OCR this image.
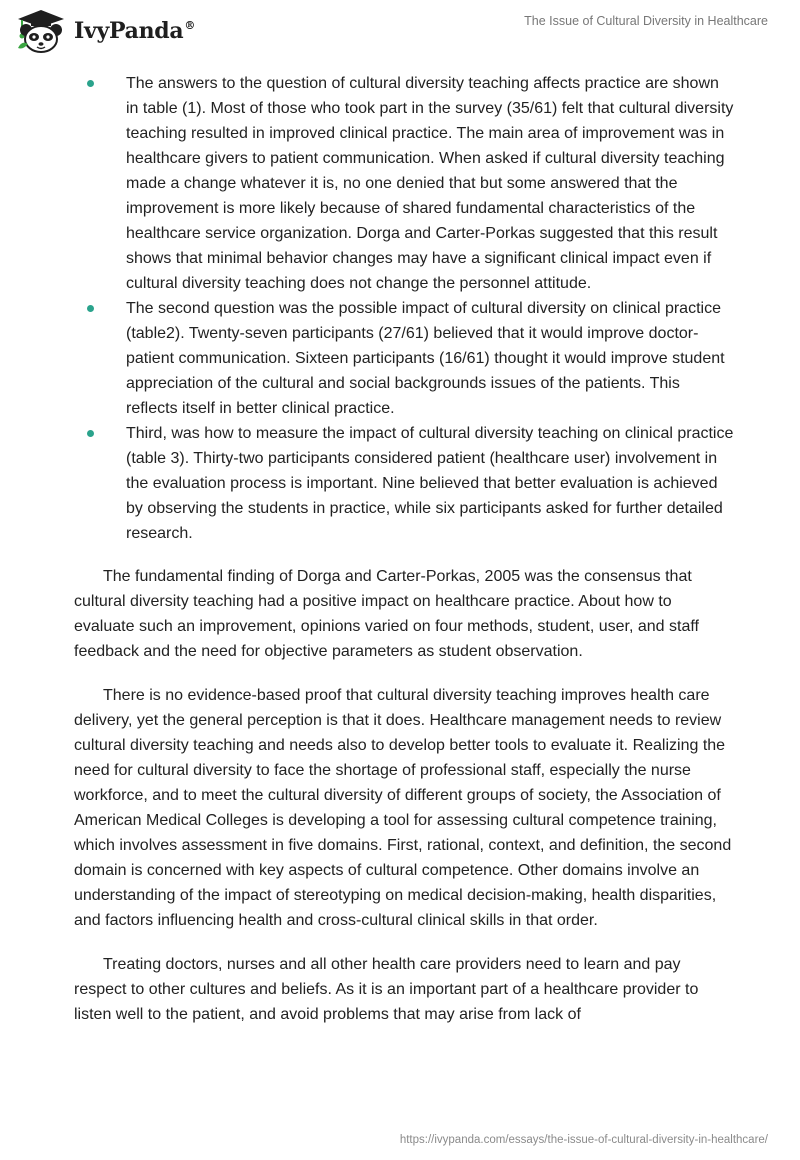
IvyPanda®	The Issue of Cultural Diversity in Healthcare
The answers to the question of cultural diversity teaching affects practice are shown in table (1). Most of those who took part in the survey (35/61) felt that cultural diversity teaching resulted in improved clinical practice. The main area of improvement was in healthcare givers to patient communication. When asked if cultural diversity teaching made a change whatever it is, no one denied that but some answered that the improvement is more likely because of shared fundamental characteristics of the healthcare service organization. Dorga and Carter-Porkas suggested that this result shows that minimal behavior changes may have a significant clinical impact even if cultural diversity teaching does not change the personnel attitude.
The second question was the possible impact of cultural diversity on clinical practice (table2). Twenty-seven participants (27/61) believed that it would improve doctor-patient communication. Sixteen participants (16/61) thought it would improve student appreciation of the cultural and social backgrounds issues of the patients. This reflects itself in better clinical practice.
Third, was how to measure the impact of cultural diversity teaching on clinical practice (table 3). Thirty-two participants considered patient (healthcare user) involvement in the evaluation process is important. Nine believed that better evaluation is achieved by observing the students in practice, while six participants asked for further detailed research.

The fundamental finding of Dorga and Carter-Porkas, 2005 was the consensus that cultural diversity teaching had a positive impact on healthcare practice. About how to evaluate such an improvement, opinions varied on four methods, student, user, and staff feedback and the need for objective parameters as student observation.

There is no evidence-based proof that cultural diversity teaching improves health care delivery, yet the general perception is that it does. Healthcare management needs to review cultural diversity teaching and needs also to develop better tools to evaluate it. Realizing the need for cultural diversity to face the shortage of professional staff, especially the nurse workforce, and to meet the cultural diversity of different groups of society, the Association of American Medical Colleges is developing a tool for assessing cultural competence training, which involves assessment in five domains. First, rational, context, and definition, the second domain is concerned with key aspects of cultural competence. Other domains involve an understanding of the impact of stereotyping on medical decision-making, health disparities, and factors influencing health and cross-cultural clinical skills in that order.

Treating doctors, nurses and all other health care providers need to learn and pay respect to other cultures and beliefs. As it is an important part of a healthcare provider to listen well to the patient, and avoid problems that may arise from lack of

https://ivypanda.com/essays/the-issue-of-cultural-diversity-in-healthcare/
